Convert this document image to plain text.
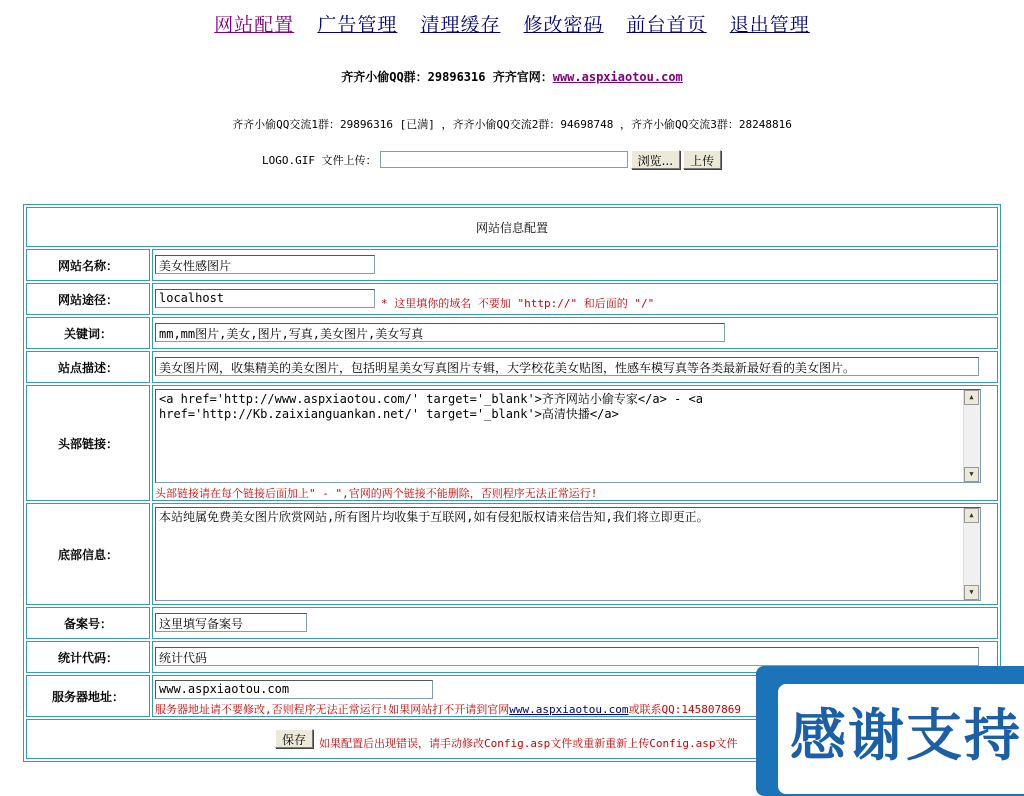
网站配置 广告管理 清理缓存 修改密码 前台首页 退出管理
齐齐小偷QQ群：29896316 齐齐官网：www.aspxiaotou.com
齐齐小偷QQ交流1群：29896316 [已满] ，齐齐小偷QQ交流2群：94698748 ，齐齐小偷QQ交流3群：28248816
LOGO.GIF 文件上传：	浏览...	上传
网站信息配置
网站名称：	美女性感图片
网站途径：	localhost	* 这里填你的域名 不要加 "http://" 和后面的 "/"
关键词：	mm,mm图片,美女,图片,写真,美女图片,美女写真
站点描述：	美女图片网，收集精美的美女图片，包括明星美女写真图片专辑，大学校花美女贴图，性感车模写真等各类最新最好看的美女图片。
头部链接：
<a href='http://www.aspxiaotou.com/' target='_blank'>齐齐网站小偷专家</a> - <a
href='http://Kb.zaixianguankan.net/' target='_blank'>高清快播</a>
▲
▼
头部链接请在每个链接后面加上" - ",官网的两个链接不能删除，否则程序无法正常运行!
底部信息：
本站纯属免费美女图片欣赏网站,所有图片均收集于互联网,如有侵犯版权请来信告知,我们将立即更正。	▲
▼
备案号：	这里填写备案号
统计代码：	统计代码
服务器地址：
www.aspxiaotou.com
服务器地址请不要修改,否则程序无法正常运行!如果网站打不开请到官网www.aspxiaotou.com或联系QQ:145807869
保存	如果配置后出现错误，请手动修改Config.asp文件或重新重新上传Config.asp文件 感谢支持
